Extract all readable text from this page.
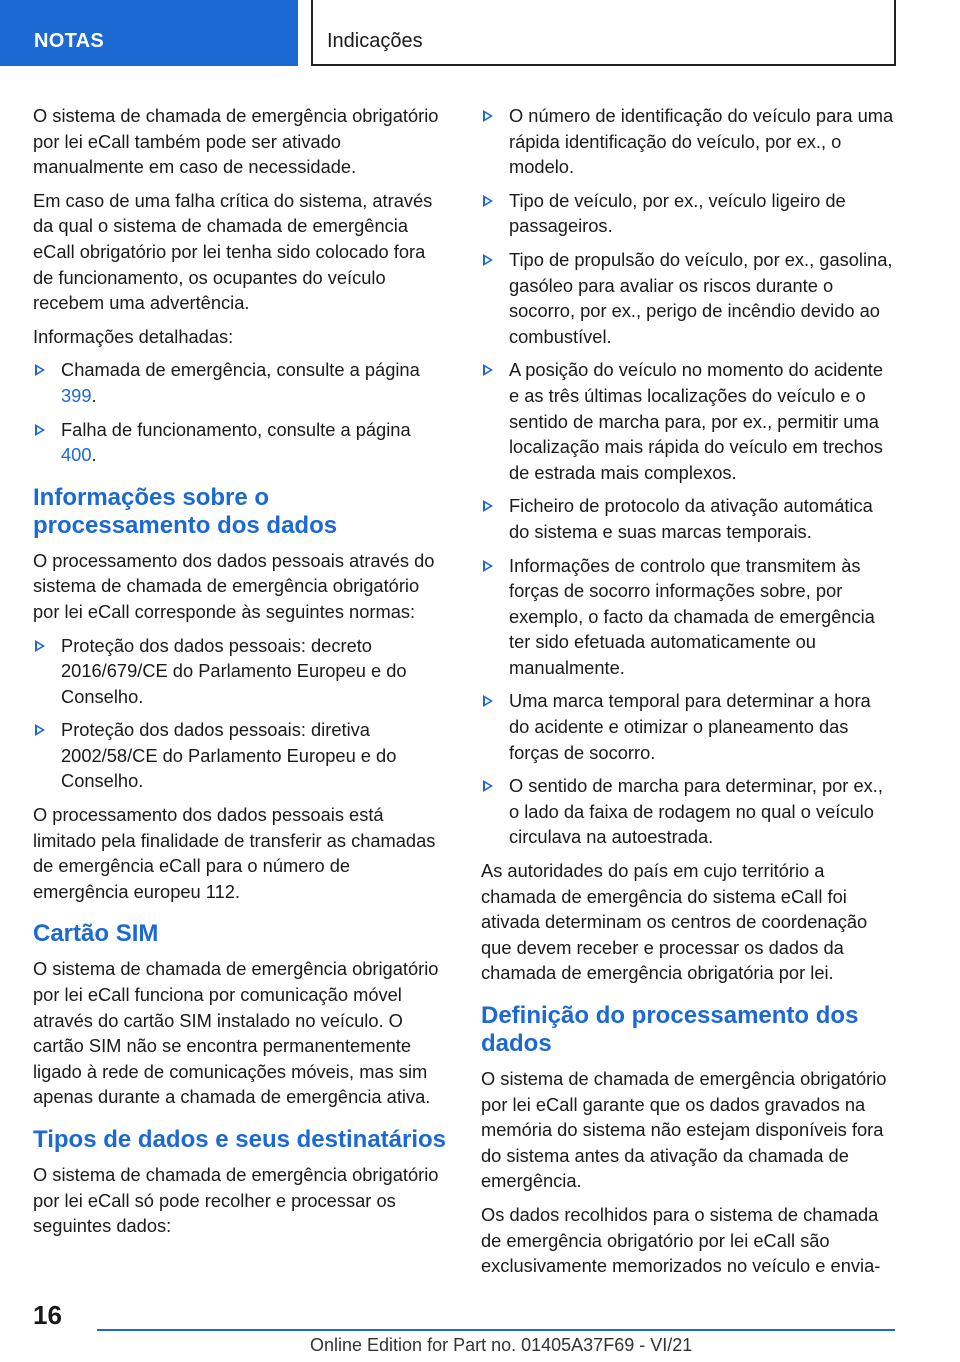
NOTAS	Indicações

O sistema de chamada de emergência obrigatório por lei eCall também pode ser ativado manualmente em caso de necessidade.

Em caso de uma falha crítica do sistema, através da qual o sistema de chamada de emergência eCall obrigatório por lei tenha sido colocado fora de funcionamento, os ocupantes do veículo recebem uma advertência.

Informações detalhadas:

Chamada de emergência, consulte a página 399.
Falha de funcionamento, consulte a página 400.
Informações sobre o processamento dos dados

O processamento dos dados pessoais através do sistema de chamada de emergência obrigatório por lei eCall corresponde às seguintes normas:

Proteção dos dados pessoais: decreto 2016/679/CE do Parlamento Europeu e do Conselho.
Proteção dos dados pessoais: diretiva 2002/58/CE do Parlamento Europeu e do Conselho.

O processamento dos dados pessoais está limitado pela finalidade de transferir as chamadas de emergência eCall para o número de emergência europeu 112.

Cartão SIM

O sistema de chamada de emergência obrigatório por lei eCall funciona por comunicação móvel através do cartão SIM instalado no veículo. O cartão SIM não se encontra permanentemente ligado à rede de comunicações móveis, mas sim apenas durante a chamada de emergência ativa.

Tipos de dados e seus destinatários

O sistema de chamada de emergência obrigatório por lei eCall só pode recolher e processar os seguintes dados:

O número de identificação do veículo para uma rápida identificação do veículo, por ex., o modelo.
Tipo de veículo, por ex., veículo ligeiro de passageiros.
Tipo de propulsão do veículo, por ex., gasolina, gasóleo para avaliar os riscos durante o socorro, por ex., perigo de incêndio devido ao combustível.
A posição do veículo no momento do acidente e as três últimas localizações do veículo e o sentido de marcha para, por ex., permitir uma localização mais rápida do veículo em trechos de estrada mais complexos.
Ficheiro de protocolo da ativação automática do sistema e suas marcas temporais.
Informações de controlo que transmitem às forças de socorro informações sobre, por exemplo, o facto da chamada de emergência ter sido efetuada automaticamente ou manualmente.
Uma marca temporal para determinar a hora do acidente e otimizar o planeamento das forças de socorro.
O sentido de marcha para determinar, por ex., o lado da faixa de rodagem no qual o veículo circulava na autoestrada.

As autoridades do país em cujo território a chamada de emergência do sistema eCall foi ativada determinam os centros de coordenação que devem receber e processar os dados da chamada de emergência obrigatória por lei.

Definição do processamento dos dados

O sistema de chamada de emergência obrigatório por lei eCall garante que os dados gravados na memória do sistema não estejam disponíveis fora do sistema antes da ativação da chamada de emergência.

Os dados recolhidos para o sistema de chamada de emergência obrigatório por lei eCall são exclusivamente memorizados no veículo e envia-

16
Online Edition for Part no. 01405A37F69 - VI/21
